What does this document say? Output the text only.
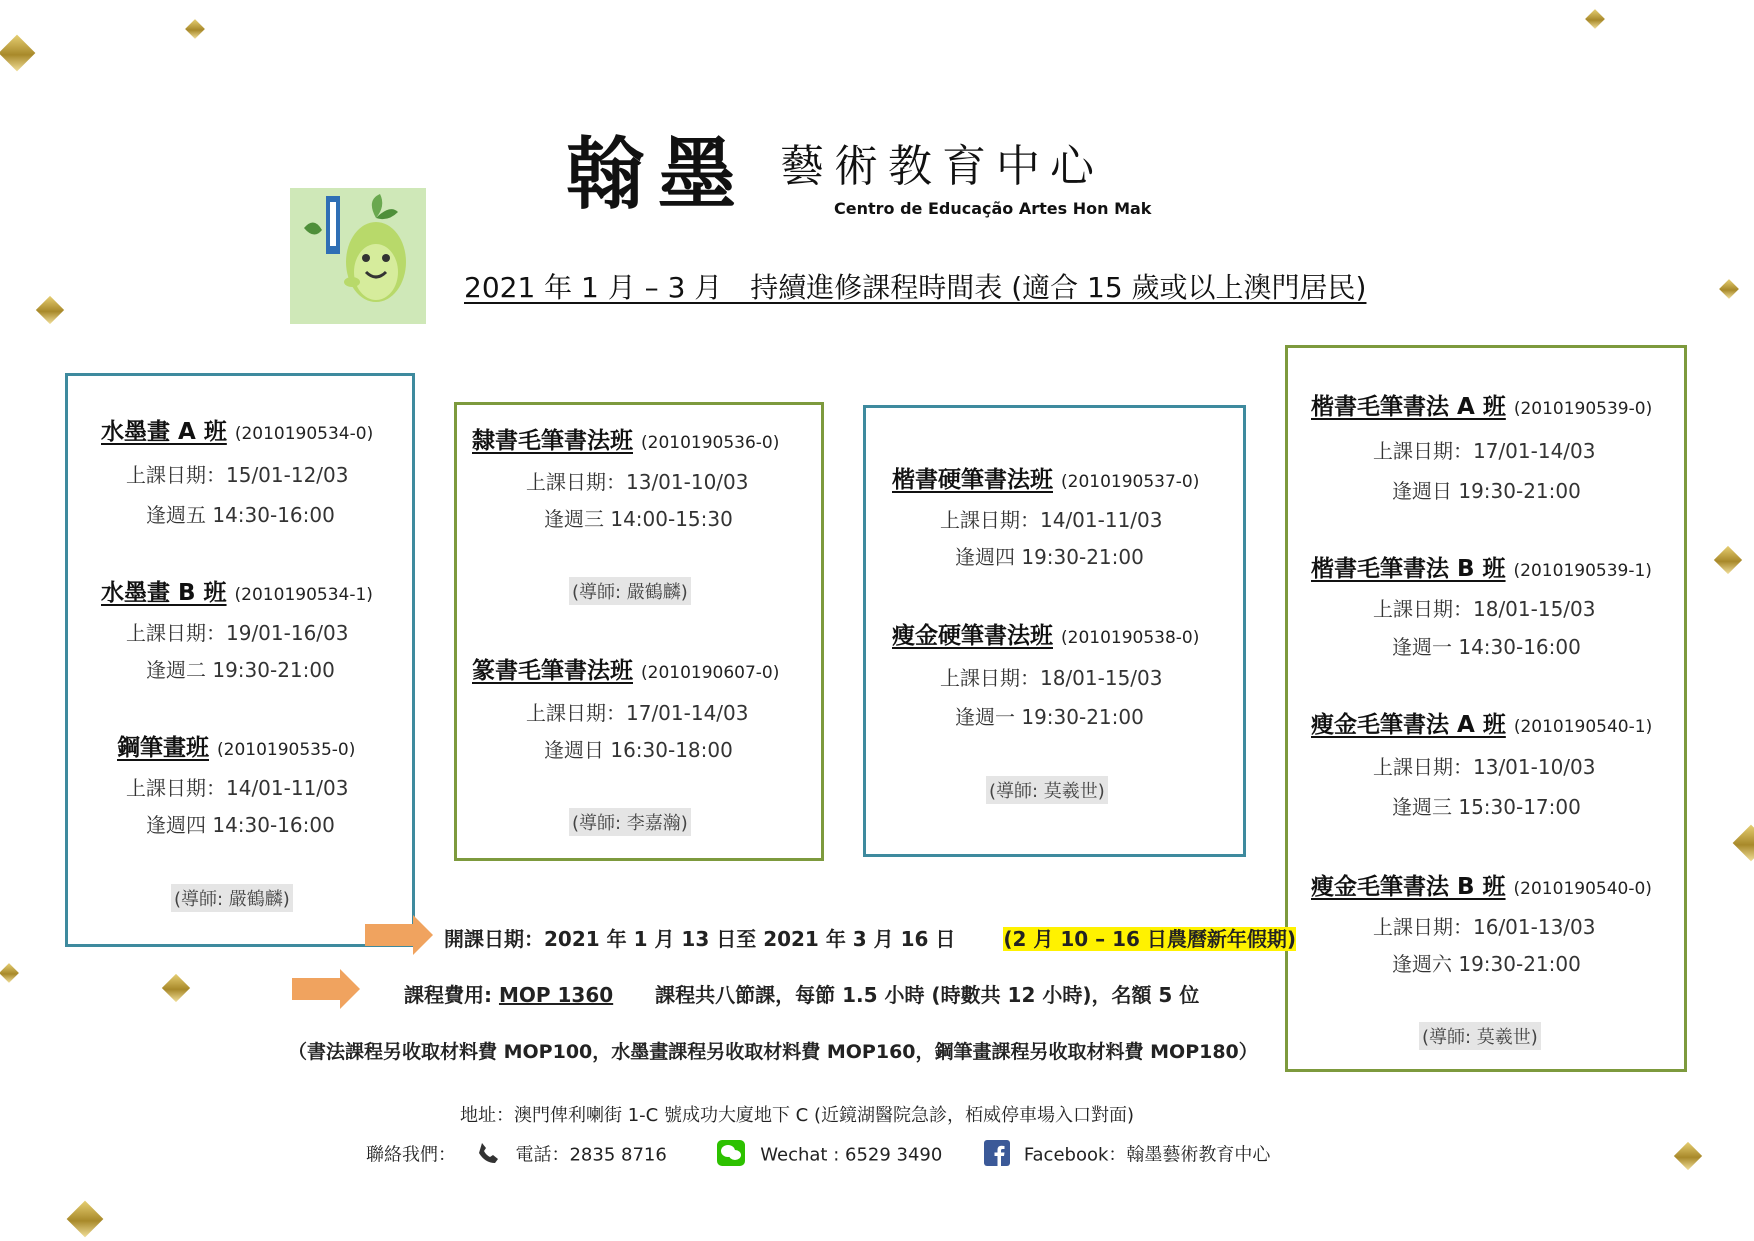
翰墨 藝術教育中心
Centro de Educação Artes Hon Mak
2021 年 1 月 – 3 月　持續進修課程時間表 (適合 15 歲或以上澳門居民)
水墨畫 A 班 (2010190534-0)
上課日期：15/01-12/03
逢週五 14:30-16:00
水墨畫 B 班 (2010190534-1)
上課日期：19/01-16/03
逢週二 19:30-21:00
鋼筆畫班 (2010190535-0)
上課日期：14/01-11/03
逢週四 14:30-16:00
(導師: 嚴鶴麟)
隸書毛筆書法班 (2010190536-0)
上課日期：13/01-10/03
逢週三 14:00-15:30
(導師: 嚴鶴麟)
篆書毛筆書法班 (2010190607-0)
上課日期：17/01-14/03
逢週日 16:30-18:00
(導師: 李嘉瀚)
楷書硬筆書法班 (2010190537-0)
上課日期：14/01-11/03
逢週四 19:30-21:00
瘦金硬筆書法班 (2010190538-0)
上課日期：18/01-15/03
逢週一 19:30-21:00
(導師: 莫羲世)
楷書毛筆書法 A 班 (2010190539-0)
上課日期：17/01-14/03
逢週日 19:30-21:00
楷書毛筆書法 B 班 (2010190539-1)
上課日期：18/01-15/03
逢週一 14:30-16:00
瘦金毛筆書法 A 班 (2010190540-1)
上課日期：13/01-10/03
逢週三 15:30-17:00
瘦金毛筆書法 B 班 (2010190540-0)
上課日期：16/01-13/03
逢週六 19:30-21:00
(導師: 莫羲世)
開課日期：2021 年 1 月 13 日至 2021 年 3 月 16 日 (2 月 10 – 16 日農曆新年假期)
課程費用: MOP 1360 課程共八節課，每節 1.5 小時 (時數共 12 小時)，名額 5 位
（書法課程另收取材料費 MOP100，水墨畫課程另收取材料費 MOP160，鋼筆畫課程另收取材料費 MOP180）
地址：澳門俾利喇街 1-C 號成功大廈地下 C (近鏡湖醫院急診，栢威停車場入口對面)
聯絡我們：	電話：2835 8716	Wechat : 6529 3490	Facebook：翰墨藝術教育中心
